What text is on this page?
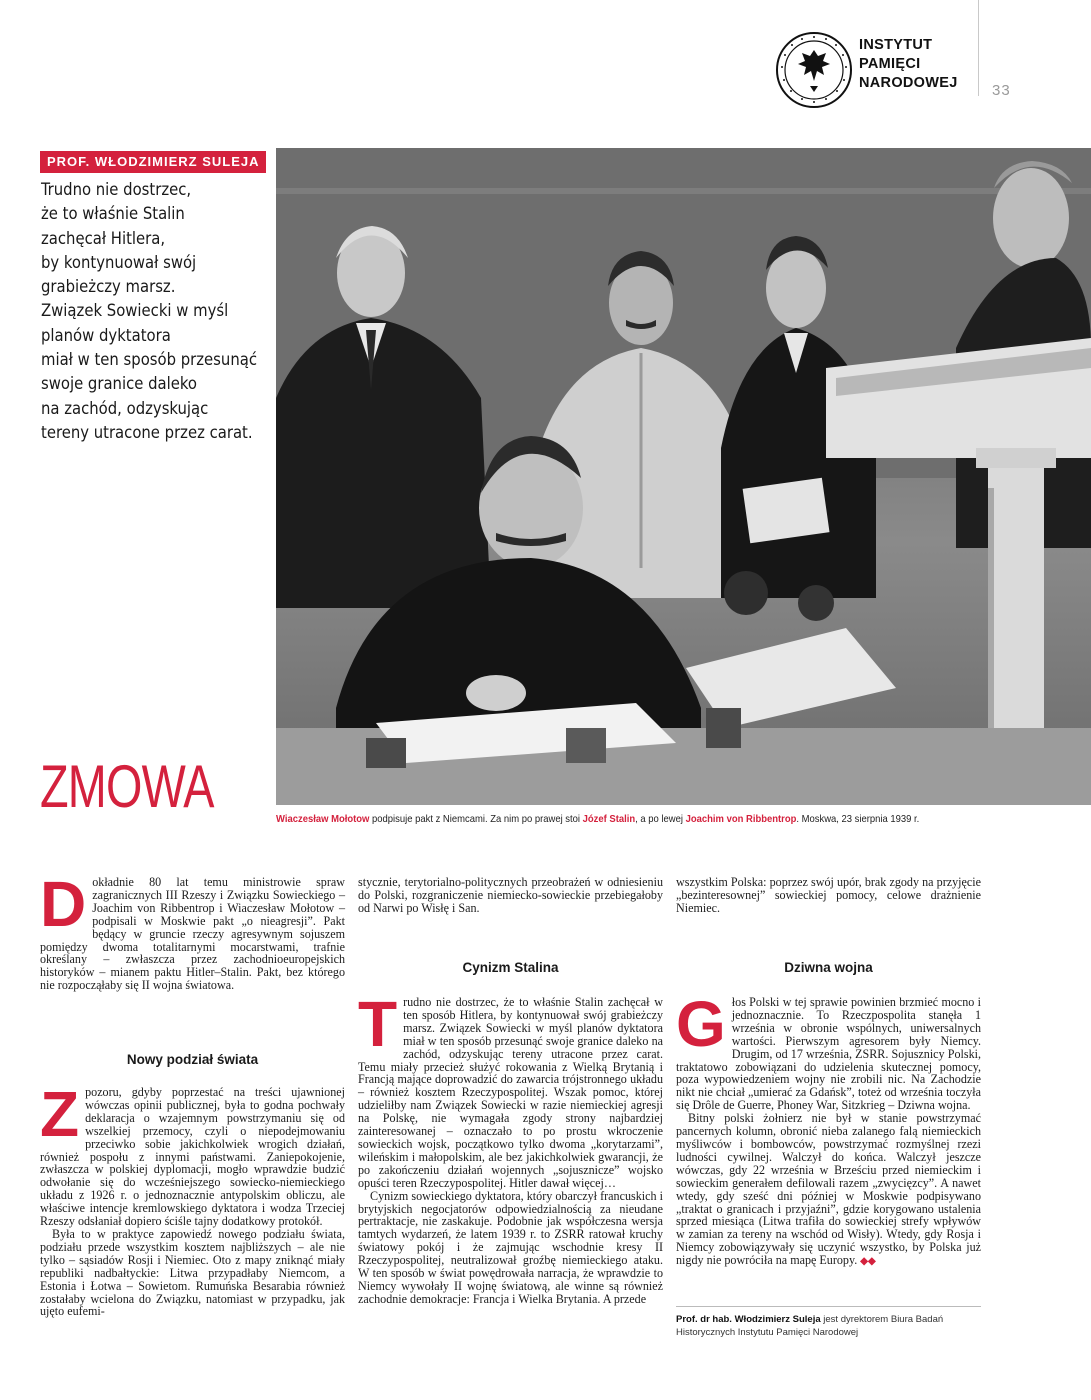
INSTYTUT
PAMIĘCI
NARODOWEJ 33
PROF. WŁODZIMIERZ SULEJA
Trudno nie dostrzec,
że to właśnie Stalin
zachęcał Hitlera,
by kontynuował swój
grabieżczy marsz.
Związek Sowiecki w myśl
planów dyktatora
miał w ten sposób przesunąć
swoje granice daleko
na zachód, odzyskując
tereny utracone przez carat.
ZMOWA	Wiaczesław Mołotow podpisuje pakt z Niemcami. Za nim po prawej stoi Józef Stalin, a po lewej Joachim von Ribbentrop. Moskwa, 23 sierpnia 1939 r.

Dokładnie 80 lat temu ministrowie spraw zagranicznych III Rzeszy i Związku Sowieckiego – Joachim von Ribbentrop i Wiaczesław Mołotow – podpisali w Moskwie pakt „o nieagresji”. Pakt będący w gruncie rzeczy agresywnym sojuszem pomiędzy dwoma totalitarnymi mocarstwami, trafnie określany – zwłaszcza przez zachodnioeuropejskich historyków – mianem paktu Hitler–Stalin. Pakt, bez którego nie rozpocząłaby się II wojna światowa.

Nowy podział świata

Zpozoru, gdyby poprzestać na treści ujawnionej wówczas opinii publicznej, była to godna pochwały deklaracja o wzajemnym powstrzymaniu się od wszelkiej przemocy, czyli o niepodejmowaniu przeciwko sobie jakichkolwiek wrogich działań, również pospołu z innymi państwami. Zaniepokojenie, zwłaszcza w polskiej dyplomacji, mogło wprawdzie budzić odwołanie się do wcześniejszego sowiecko-niemieckiego układu z 1926 r. o jednoznacznie antypolskim obliczu, ale właściwe intencje kremlowskiego dyktatora i wodza Trzeciej Rzeszy odsłaniał dopiero ściśle tajny dodatkowy protokół.

Była to w praktyce zapowiedź nowego podziału świata, podziału przede wszystkim kosztem najbliższych – ale nie tylko – sąsiadów Rosji i Niemiec. Oto z mapy zniknąć miały republiki nadbałtyckie: Litwa przypadłaby Niemcom, a Estonia i Łotwa – Sowietom. Rumuńska Besarabia również zostałaby wcielona do Związku, natomiast w przypadku, jak ujęto eufemi-

stycznie, terytorialno-politycznych przeobrażeń w odniesieniu do Polski, rozgraniczenie niemiecko-sowieckie przebiegałoby od Narwi po Wisłę i San.

Cynizm Stalina

Trudno nie dostrzec, że to właśnie Stalin zachęcał w ten sposób Hitlera, by kontynuował swój grabieżczy marsz. Związek Sowiecki w myśl planów dyktatora miał w ten sposób przesunąć swoje granice daleko na zachód, odzyskując tereny utracone przez carat. Temu miały przecież służyć rokowania z Wielką Brytanią i Francją mające doprowadzić do zawarcia trójstronnego układu – również kosztem Rzeczypospolitej. Wszak pomoc, której udzieliłby nam Związek Sowiecki w razie niemieckiej agresji na Polskę, nie wymagała zgody strony najbardziej zainteresowanej – oznaczało to po prostu wkroczenie sowieckich wojsk, początkowo tylko dwoma „korytarzami”, wileńskim i małopolskim, ale bez jakichkolwiek gwarancji, że po zakończeniu działań wojennych „sojusznicze” wojsko opuści teren Rzeczypospolitej. Hitler dawał więcej…

Cynizm sowieckiego dyktatora, który obarczył francuskich i brytyjskich negocjatorów odpowiedzialnością za nieudane pertraktacje, nie zaskakuje. Podobnie jak współczesna wersja tamtych wydarzeń, że latem 1939 r. to ZSRR ratował kruchy światowy pokój i że zajmując wschodnie kresy II Rzeczypospolitej, neutralizował groźbę niemieckiego ataku. W ten sposób w świat powędrowała narracja, że wprawdzie to Niemcy wywołały II wojnę światową, ale winne są również zachodnie demokracje: Francja i Wielka Brytania. A przede

wszystkim Polska: poprzez swój upór, brak zgody na przyjęcie „bezinteresownej” sowieckiej pomocy, celowe drażnienie Niemiec.

Dziwna wojna

Głos Polski w tej sprawie powinien brzmieć mocno i jednoznacznie. To Rzeczpospolita stanęła 1 września w obronie wspólnych, uniwersalnych wartości. Pierwszym agresorem były Niemcy. Drugim, od 17 września, ZSRR. Sojusznicy Polski, traktatowo zobowiązani do udzielenia skutecznej pomocy, poza wypowiedzeniem wojny nie zrobili nic. Na Zachodzie nikt nie chciał „umierać za Gdańsk”, toteż od września toczyła się Drôle de Guerre, Phoney War, Sitzkrieg – Dziwna wojna.

Bitny polski żołnierz nie był w stanie powstrzymać pancernych kolumn, obronić nieba zalanego falą niemieckich myśliwców i bombowców, powstrzymać rozmyślnej rzezi ludności cywilnej. Walczył do końca. Walczył jeszcze wówczas, gdy 22 września w Brześciu przed niemieckim i sowieckim generałem defilowali razem „zwycięzcy”. A nawet wtedy, gdy sześć dni później w Moskwie podpisywano „traktat o granicach i przyjaźni”, gdzie korygowano ustalenia sprzed miesiąca (Litwa trafiła do sowieckiej strefy wpływów w zamian za tereny na wschód od Wisły). Wtedy, gdy Rosja i Niemcy zobowiązywały się uczynić wszystko, by Polska już nigdy nie powróciła na mapę Europy. ◆◆

Prof. dr hab. Włodzimierz Suleja jest dyrektorem Biura Badań Historycznych Instytutu Pamięci Narodowej
